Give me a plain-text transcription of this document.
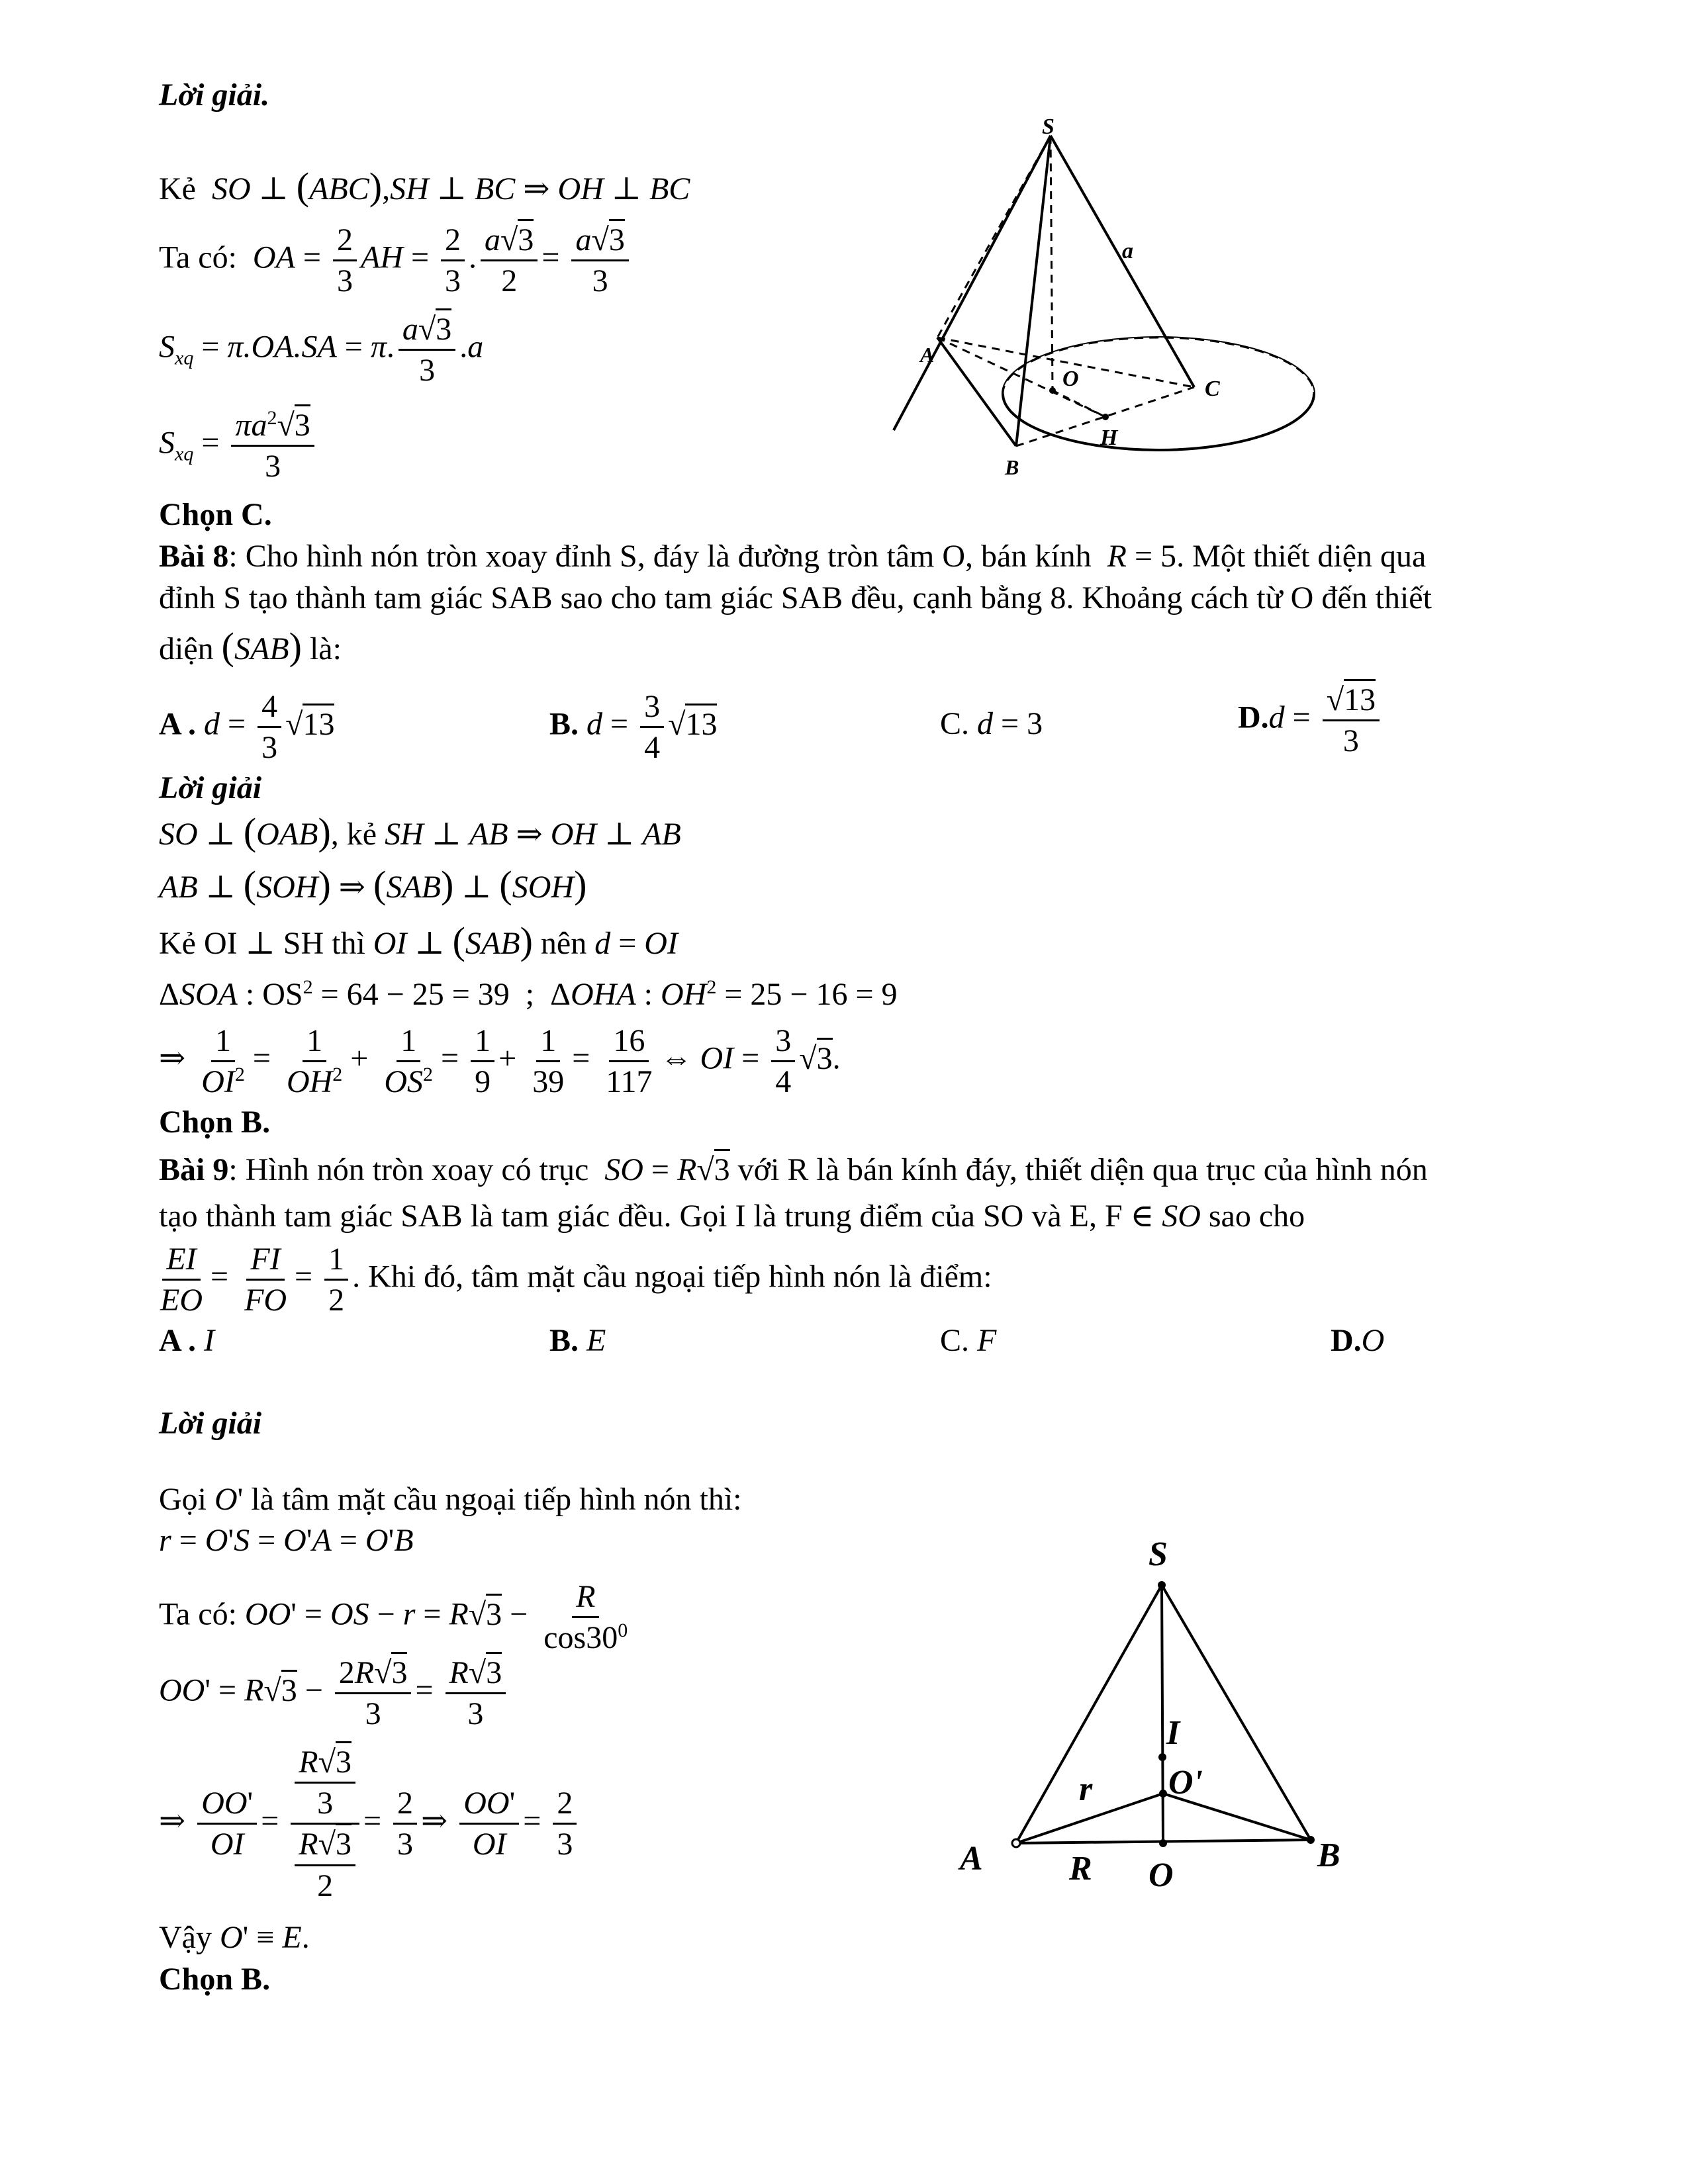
Lời giải.
Kẻ  SO ⊥ (ABC),SH ⊥ BC ⇒ OH ⊥ BC
Ta có:  OA = $\frac{2}{3}$ AH = $\frac{2}{3}$ . $\frac{a √ 3}{2} = \frac{a √ 3}{3}$
$S_{xq} = \pi.OA.SA = \pi$. $\frac{a √ 3}{3} .a$
$S_{xq} = \frac{\pi a^2 √ 3}{3}$
Chọn C.
S
a
A
O	C
H
B
Bài 8: Cho hình nón tròn xoay đỉnh S, đáy là đường tròn tâm O, bán kính  R = 5. Một thiết diện qua
đỉnh S tạo thành tam giác SAB sao cho tam giác SAB đều, cạnh bằng 8. Khoảng cách từ O đến thiết
diện (SAB) là:
A . $d = \frac{4}{3}$ √ 13	B. $d = \frac{3}{4}$ √ 13	C. d = 3	D.d = √ $\frac{13}{3}$
Lời giải
SO ⊥ (OAB), kẻ SH ⊥ AB ⇒ OH ⊥ AB
AB ⊥ (SOH) ⇒ (SAB) ⊥ (SOH)
Kẻ OI ⊥ SH thì OI ⊥ (SAB) nên d = OI
ΔSOA : $OS^2 = 64 - 25 = 39$  ;  ΔOHA : $OH^2 = 25 - 16 = 9$
⇒ $\frac{1}{OI^2} = \frac{1}{OH^2} + \frac{1}{OS^2} = \frac{1}{9} + \frac{1}{39} = \frac{16}{117}$ ⇔ OI = $\frac{3}{4}$ √ 3.
Chọn B.
Bài 9: Hình nón tròn xoay có trục  SO = R √ 3 với R là bán kính đáy, thiết diện qua trục của hình nón
tạo thành tam giác SAB là tam giác đều. Gọi I là trung điểm của SO và E, F ∈ SO sao cho
$\frac{EI}{EO} = \frac{FI}{FO} = \frac{1}{2}$ . Khi đó, tâm mặt cầu ngoại tiếp hình nón là điểm:
A . I	B. E	C. F	D.O
Lời giải
Gọi O' là tâm mặt cầu ngoại tiếp hình nón thì:
r = O'S = O'A = O'B
Ta có: OO' = OS − r = R √ $3 - \frac{R}{\cos 30^0}$
OO' = R √ $3 - \frac{2R √ 3}{3} = \frac{R √ 3}{3}$
⇒ $\frac{OO'}{OI} = \frac{\frac{R √ 3}{3}}{\frac{R √ 3}{2}} = \frac{2}{3}$ ⇒ $\frac{OO'}{OI} = \frac{2}{3}$
Vậy O' ≡ E.
Chọn B.
S
I
O'
r
A	R O
B
